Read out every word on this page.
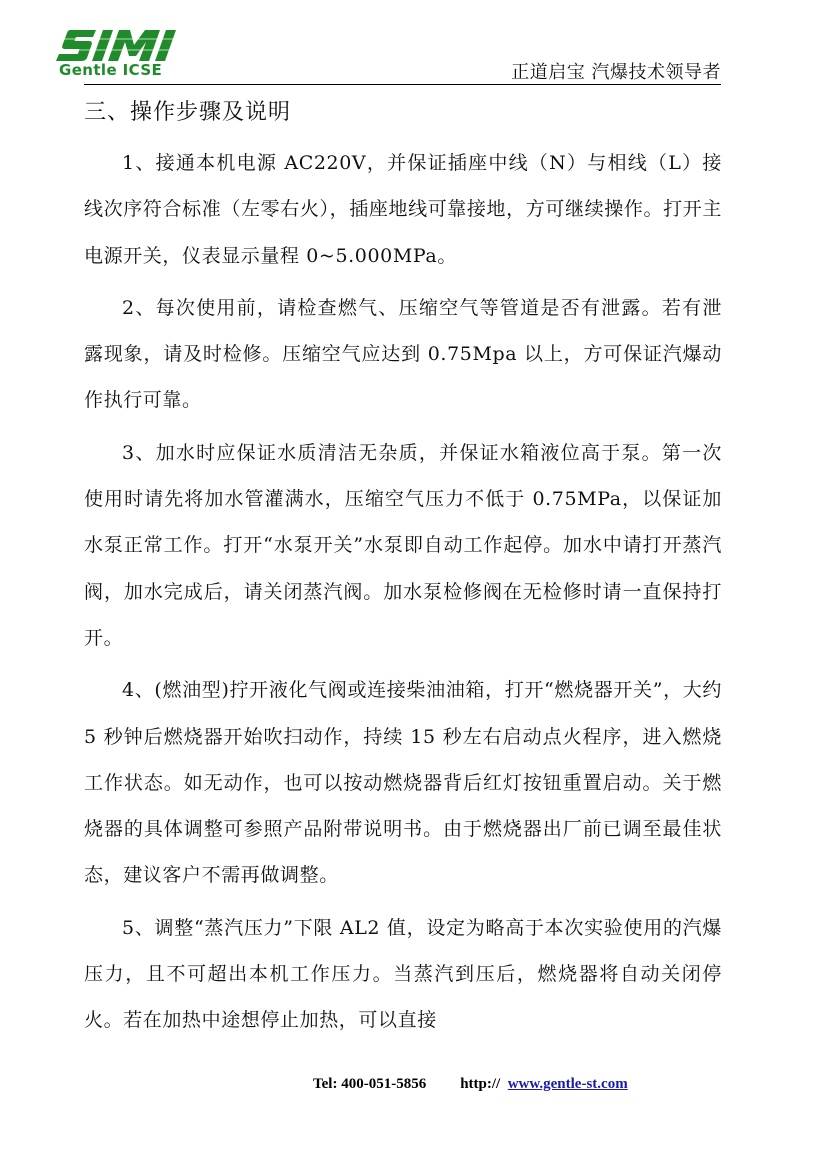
Gentle ICSE	正道启宝 汽爆技术领导者
三、操作步骤及说明

1、接通本机电源 AC220V，并保证插座中线（N）与相线（L）接线次序符合标准（左零右火），插座地线可靠接地，方可继续操作。打开主电源开关，仪表显示量程 0~5.000MPa。

2、每次使用前，请检查燃气、压缩空气等管道是否有泄露。若有泄露现象，请及时检修。压缩空气应达到 0.75Mpa 以上，方可保证汽爆动作执行可靠。

3、加水时应保证水质清洁无杂质，并保证水箱液位高于泵。第一次使用时请先将加水管灌满水，压缩空气压力不低于 0.75MPa，以保证加水泵正常工作。打开“水泵开关”水泵即自动工作起停。加水中请打开蒸汽阀，加水完成后，请关闭蒸汽阀。加水泵检修阀在无检修时请一直保持打开。

4、(燃油型)拧开液化气阀或连接柴油油箱，打开“燃烧器开关”，大约 5 秒钟后燃烧器开始吹扫动作，持续 15 秒左右启动点火程序，进入燃烧工作状态。如无动作，也可以按动燃烧器背后红灯按钮重置启动。关于燃烧器的具体调整可参照产品附带说明书。由于燃烧器出厂前已调至最佳状态，建议客户不需再做调整。

5、调整“蒸汽压力”下限 AL2 值，设定为略高于本次实验使用的汽爆压力，且不可超出本机工作压力。当蒸汽到压后，燃烧器将自动关闭停火。若在加热中途想停止加热，可以直接

Tel: 400-051-5856 http:// www.gentle-st.com
